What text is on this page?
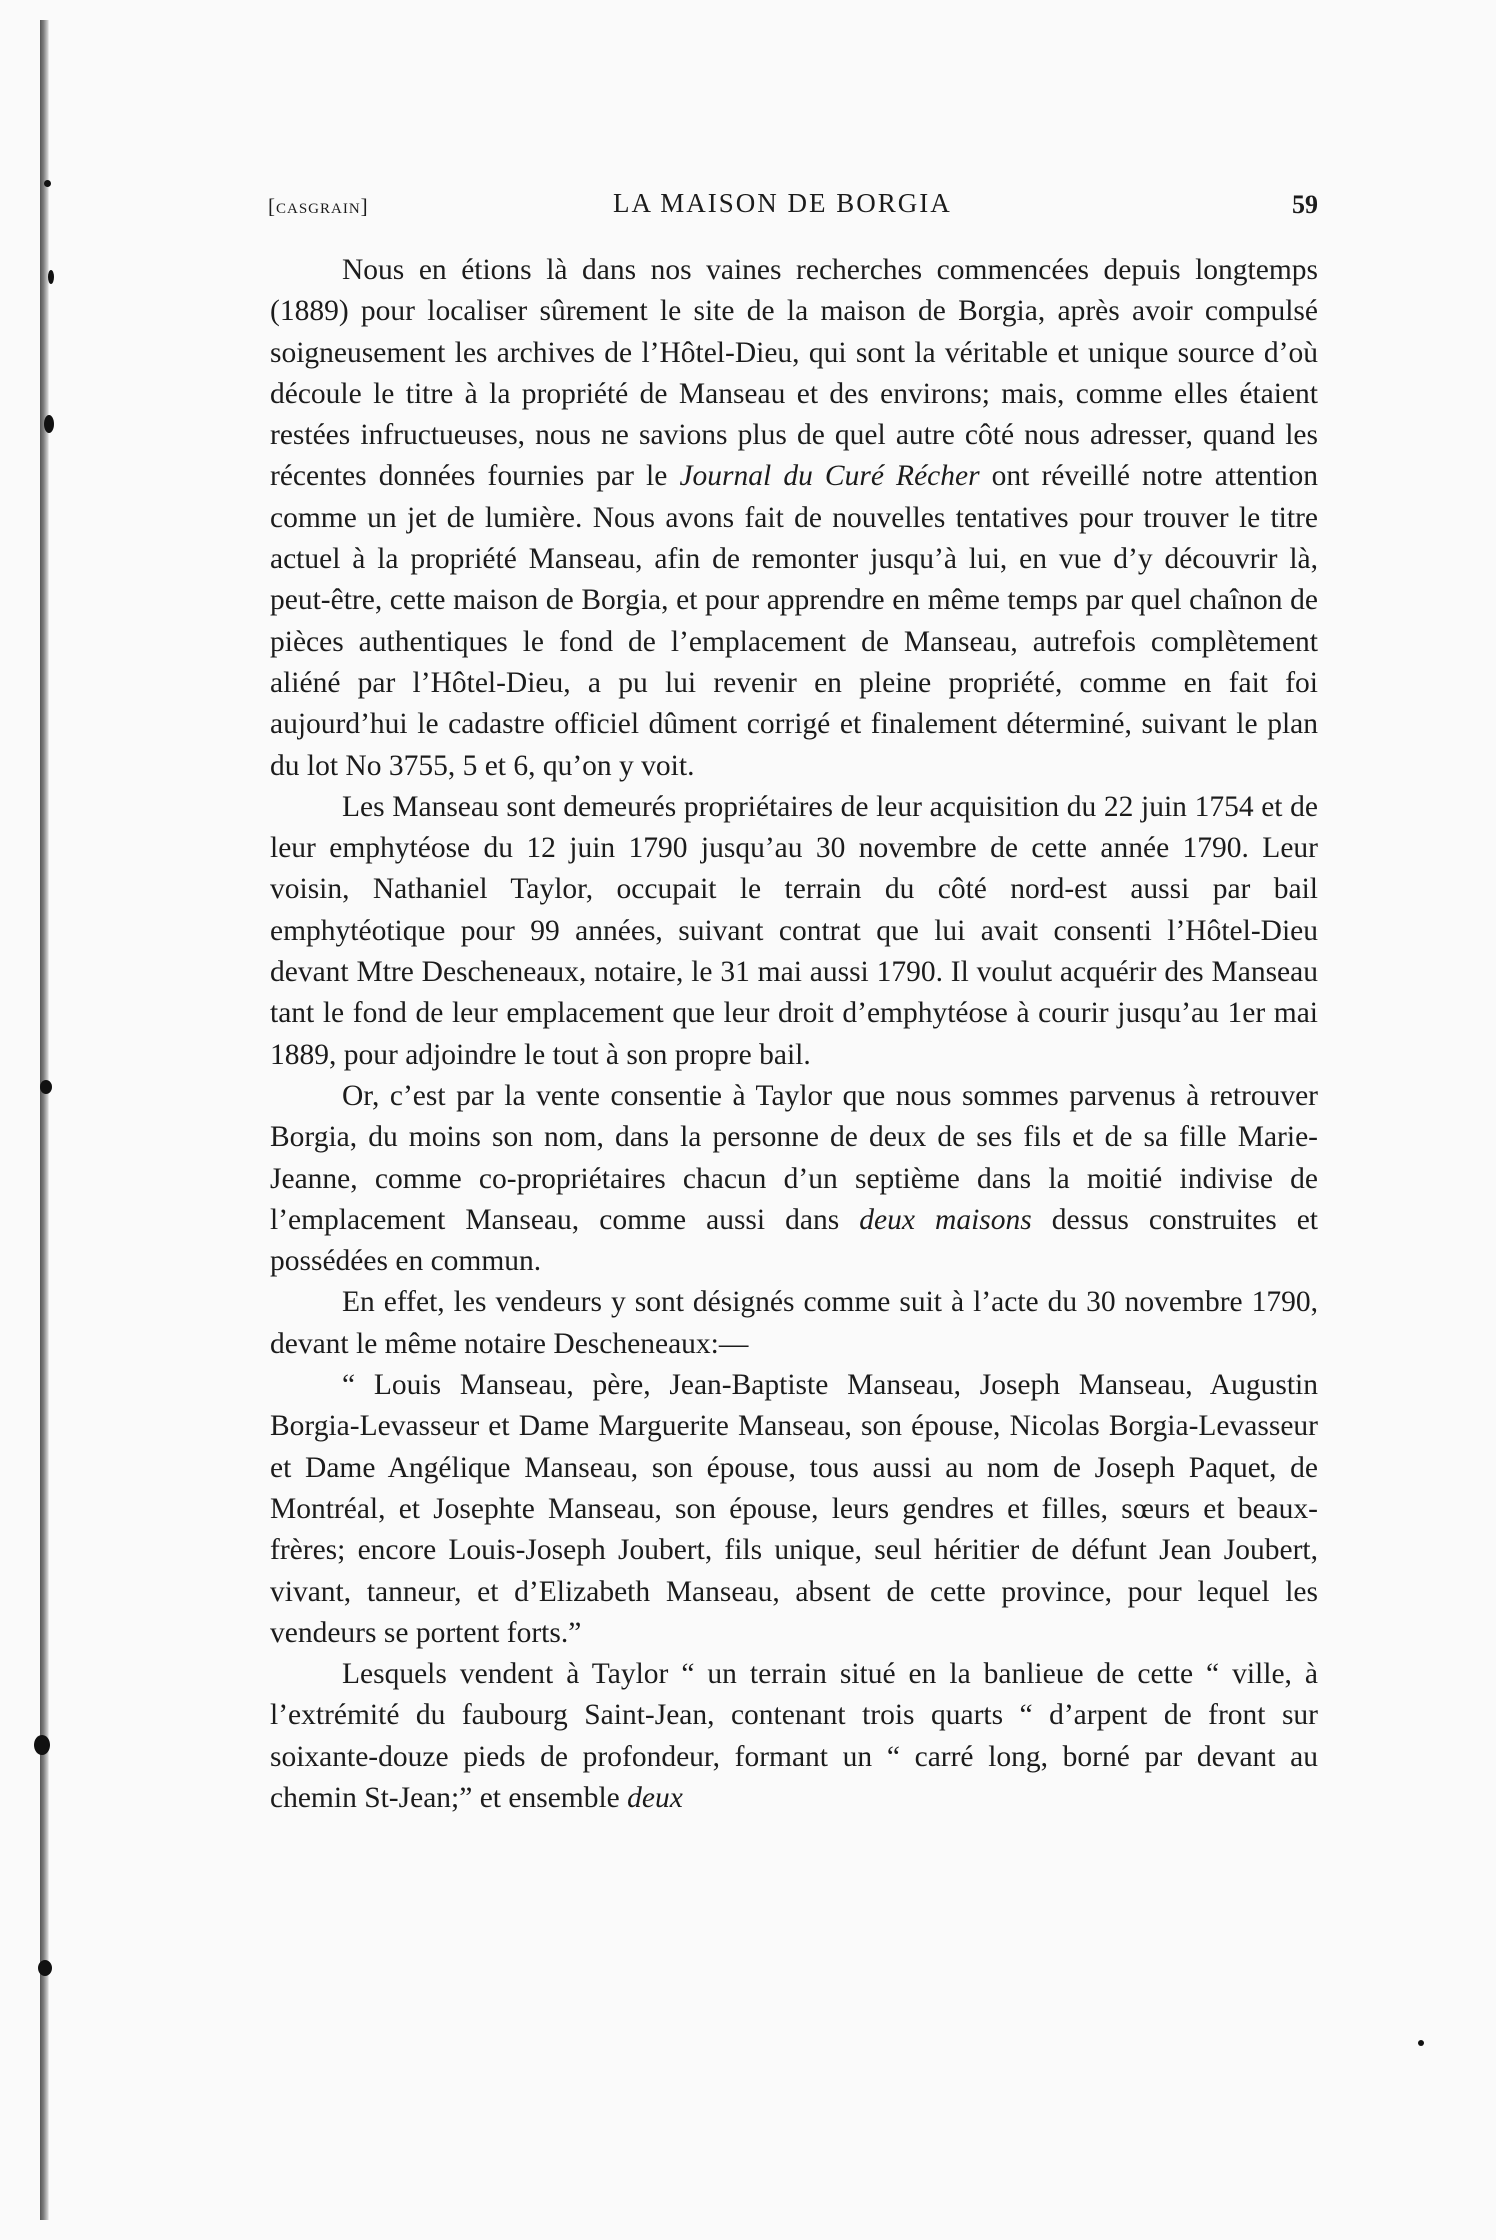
[casgrain]	LA MAISON DE BORGIA	59

Nous en étions là dans nos vaines recherches commencées depuis longtemps (1889) pour localiser sûrement le site de la maison de Borgia, après avoir compulsé soigneusement les archives de l’Hôtel-Dieu, qui sont la véritable et unique source d’où découle le titre à la propriété de Manseau et des environs; mais, comme elles étaient restées infructueuses, nous ne savions plus de quel autre côté nous adresser, quand les récentes données fournies par le Journal du Curé Récher ont réveillé notre attention comme un jet de lumière. Nous avons fait de nouvelles tentatives pour trouver le titre actuel à la propriété Manseau, afin de remonter jusqu’à lui, en vue d’y découvrir là, peut-être, cette maison de Borgia, et pour apprendre en même temps par quel chaînon de pièces authentiques le fond de l’emplacement de Manseau, autrefois complètement aliéné par l’Hôtel-Dieu, a pu lui revenir en pleine propriété, comme en fait foi aujourd’hui le cadastre officiel dûment corrigé et finalement déterminé, suivant le plan du lot No 3755, 5 et 6, qu’on y voit.

Les Manseau sont demeurés propriétaires de leur acquisition du 22 juin 1754 et de leur emphytéose du 12 juin 1790 jusqu’au 30 novembre de cette année 1790. Leur voisin, Nathaniel Taylor, occupait le terrain du côté nord-est aussi par bail emphytéotique pour 99 années, suivant contrat que lui avait consenti l’Hôtel-Dieu devant Mtre Descheneaux, notaire, le 31 mai aussi 1790. Il voulut acquérir des Manseau tant le fond de leur emplacement que leur droit d’emphytéose à courir jusqu’au 1er mai 1889, pour adjoindre le tout à son propre bail.

Or, c’est par la vente consentie à Taylor que nous sommes parvenus à retrouver Borgia, du moins son nom, dans la personne de deux de ses fils et de sa fille Marie-Jeanne, comme co-propriétaires chacun d’un septième dans la moitié indivise de l’emplacement Manseau, comme aussi dans deux maisons dessus construites et possédées en commun.

En effet, les vendeurs y sont désignés comme suit à l’acte du 30 novembre 1790, devant le même notaire Descheneaux:—

“ Louis Manseau, père, Jean-Baptiste Manseau, Joseph Manseau, Augustin Borgia-Levasseur et Dame Marguerite Manseau, son épouse, Nicolas Borgia-Levasseur et Dame Angélique Manseau, son épouse, tous aussi au nom de Joseph Paquet, de Montréal, et Josephte Manseau, son épouse, leurs gendres et filles, sœurs et beaux-frères; encore Louis-Joseph Joubert, fils unique, seul héritier de défunt Jean Joubert, vivant, tanneur, et d’Elizabeth Manseau, absent de cette province, pour lequel les vendeurs se portent forts.”

Lesquels vendent à Taylor “ un terrain situé en la banlieue de cette “ ville, à l’extrémité du faubourg Saint-Jean, contenant trois quarts “ d’arpent de front sur soixante-douze pieds de profondeur, formant un “ carré long, borné par devant au chemin St-Jean;” et ensemble deux
